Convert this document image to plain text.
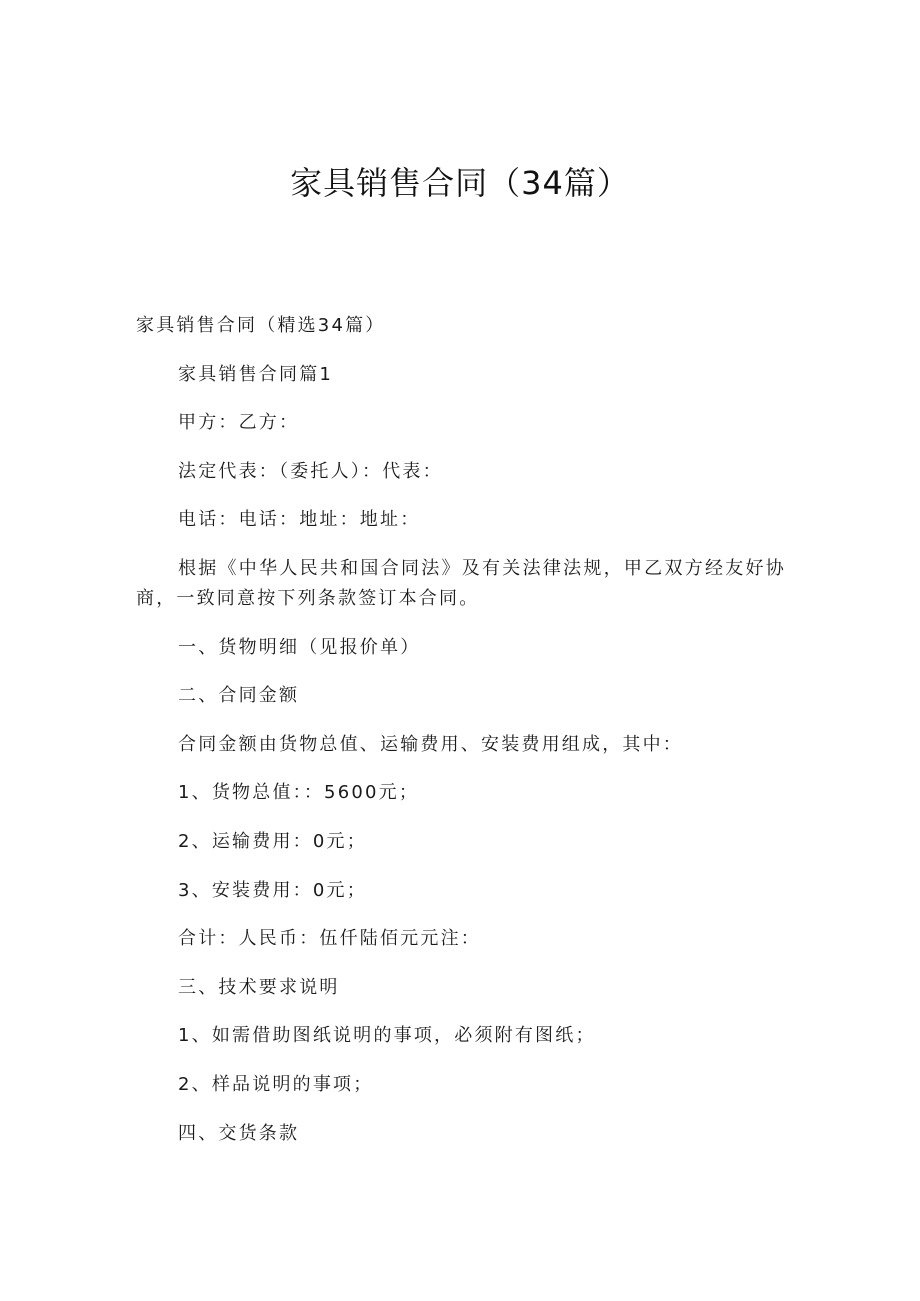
家具销售合同（34篇）

家具销售合同（精选34篇）

家具销售合同篇1

甲方：乙方：

法定代表：（委托人）：代表：

电话：电话：地址：地址：

根据《中华人民共和国合同法》及有关法律法规，甲乙双方经友好协商，一致同意按下列条款签订本合同。

一、货物明细（见报价单）

二、合同金额

合同金额由货物总值、运输费用、安装费用组成，其中：

1、货物总值：：5600元；

2、运输费用：0元；

3、安装费用：0元；

合计：人民币：伍仟陆佰元元注：

三、技术要求说明

1、如需借助图纸说明的事项，必须附有图纸；

2、样品说明的事项；

四、交货条款
